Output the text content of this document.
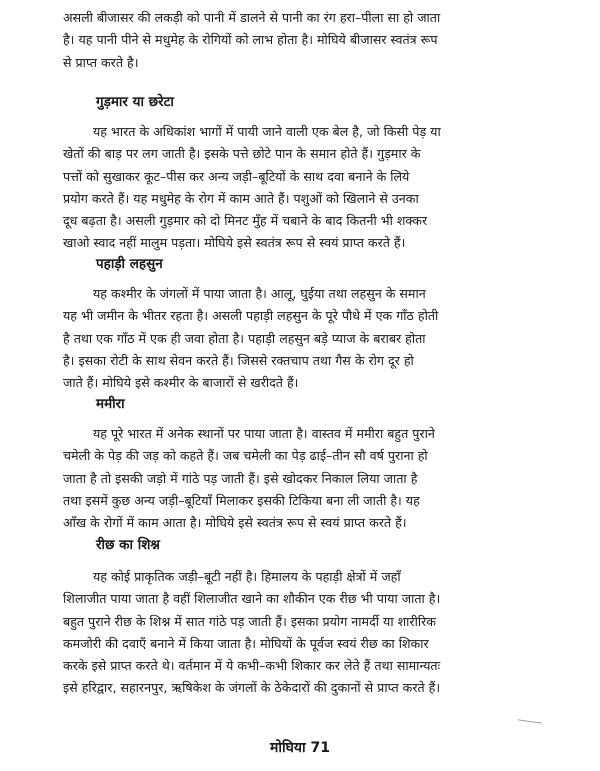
असली बीजासर की लकड़ी को पानी में डालने से पानी का रंग हरा–पीला सा हो जाता
है। यह पानी पीने से मधुमेह के रोगियों को लाभ होता है। मोघिये बीजासर स्वतंत्र रूप
से प्राप्त करते है।

गुड़मार या छरेटा

यह भारत के अधिकांश भागों में पायी जाने वाली एक बेल है, जो किसी पेड़ या
खेतों की बाड़ पर लग जाती है। इसके पत्ते छोटे पान के समान होते हैं। गुड़मार के
पत्तों को सुखाकर कूट–पीस कर अन्य जड़ी–बूटियों के साथ दवा बनाने के लिये
प्रयोग करते हैं। यह मधुमेह के रोग में काम आते हैं। पशुओं को खिलाने से उनका
दूध बढ़ता है। असली गुड़मार को दो मिनट मुँह में चबाने के बाद कितनी भी शक्कर
खाओ स्वाद नहीं मालुम पड़ता। मोघिये इसे स्वतंत्र रूप से स्वयं प्राप्त करते हैं।

पहाड़ी लहसुन

यह कश्मीर के जंगलों में पाया जाता है। आलू, घुईया तथा लहसुन के समान
यह भी जमीन के भीतर रहता है। असली पहाड़ी लहसुन के पूरे पौधे में एक गाँठ होती
है तथा एक गाँठ में एक ही जवा होता है। पहाड़ी लहसुन बड़े प्याज के बराबर होता
है। इसका रोटी के साथ सेवन करते हैं। जिससे रक्तचाप तथा गैस के रोग दूर हो
जाते हैं। मोघिये इसे कश्मीर के बाजारों से खरीदते हैं।

ममीरा

यह पूरे भारत में अनेक स्थानों पर पाया जाता है। वास्तव में ममीरा बहुत पुराने
चमेली के पेड़ की जड़ को कहते हैं। जब चमेली का पेड़ ढाई–तीन सौ वर्ष पुराना हो
जाता है तो इसकी जड़ो में गांठे पड़ जाती हैं। इसे खोदकर निकाल लिया जाता है
तथा इसमें कुछ अन्य जड़ी–बूटियाँ मिलाकर इसकी टिकिया बना ली जाती है। यह
आँख के रोगों में काम आता है। मोघिये इसे स्वतंत्र रूप से स्वयं प्राप्त करते हैं।

रीछ का शिश्न

यह कोई प्राकृतिक जड़ी–बूटी नहीं है। हिमालय के पहाड़ी क्षेत्रों में जहाँ
शिलाजीत पाया जाता है वहीं शिलाजीत खाने का शौकीन एक रीछ भी पाया जाता है।
बहुत पुराने रीछ के शिश्न में सात गांठे पड़ जाती हैं। इसका प्रयोग नामर्दी या शारीरिक
कमजोरी की दवाएँ बनाने में किया जाता है। मोघियों के पूर्वज स्वयं रीछ का शिकार
करके इसे प्राप्त करते थे। वर्तमान में ये कभी–कभी शिकार कर लेते हैं तथा सामान्यतः
इसे हरिद्वार, सहारनपुर, ऋषिकेश के जंगलों के ठेकेदारों की दुकानों से प्राप्त करते हैं।

मोघिया 71
